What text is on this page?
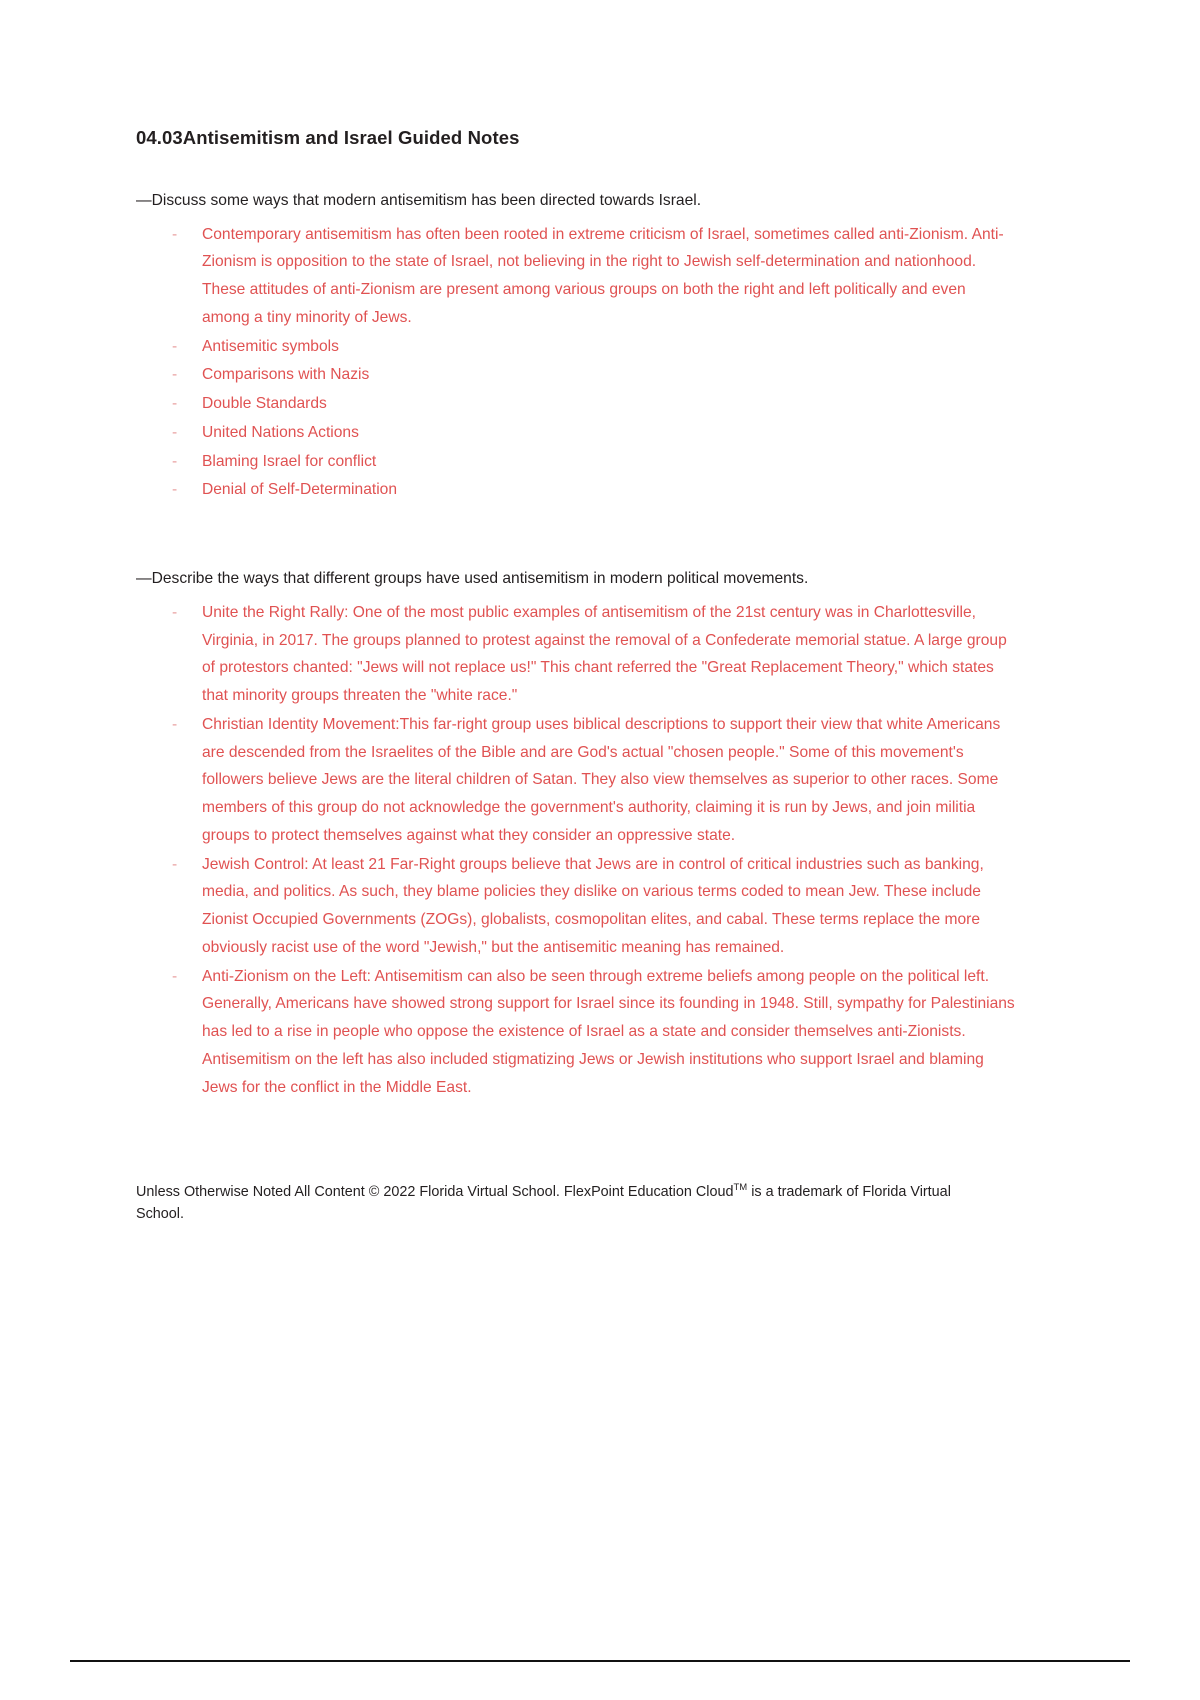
04.03Antisemitism and Israel Guided Notes

—Discuss some ways that modern antisemitism has been directed towards Israel.

- Contemporary antisemitism has often been rooted in extreme criticism of Israel, sometimes called anti-Zionism. Anti-Zionism is opposition to the state of Israel, not believing in the right to Jewish self-determination and nationhood. These attitudes of anti-Zionism are present among various groups on both the right and left politically and even among a tiny minority of Jews.
- Antisemitic symbols
- Comparisons with Nazis
- Double Standards
- United Nations Actions
- Blaming Israel for conflict
- Denial of Self-Determination

—Describe the ways that different groups have used antisemitism in modern political movements.

- Unite the Right Rally: One of the most public examples of antisemitism of the 21st century was in Charlottesville, Virginia, in 2017. The groups planned to protest against the removal of a Confederate memorial statue. A large group of protestors chanted: "Jews will not replace us!" This chant referred the "Great Replacement Theory," which states that minority groups threaten the "white race."
- Christian Identity Movement:This far-right group uses biblical descriptions to support their view that white Americans are descended from the Israelites of the Bible and are God's actual "chosen people." Some of this movement's followers believe Jews are the literal children of Satan. They also view themselves as superior to other races. Some members of this group do not acknowledge the government's authority, claiming it is run by Jews, and join militia groups to protect themselves against what they consider an oppressive state.
- Jewish Control: At least 21 Far-Right groups believe that Jews are in control of critical industries such as banking, media, and politics. As such, they blame policies they dislike on various terms coded to mean Jew. These include Zionist Occupied Governments (ZOGs), globalists, cosmopolitan elites, and cabal. These terms replace the more obviously racist use of the word "Jewish," but the antisemitic meaning has remained.
- Anti-Zionism on the Left: Antisemitism can also be seen through extreme beliefs among people on the political left. Generally, Americans have showed strong support for Israel since its founding in 1948. Still, sympathy for Palestinians has led to a rise in people who oppose the existence of Israel as a state and consider themselves anti-Zionists. Antisemitism on the left has also included stigmatizing Jews or Jewish institutions who support Israel and blaming Jews for the conflict in the Middle East.

Unless Otherwise Noted All Content © 2022 Florida Virtual School. FlexPoint Education Cloud™ is a trademark of Florida Virtual School.
